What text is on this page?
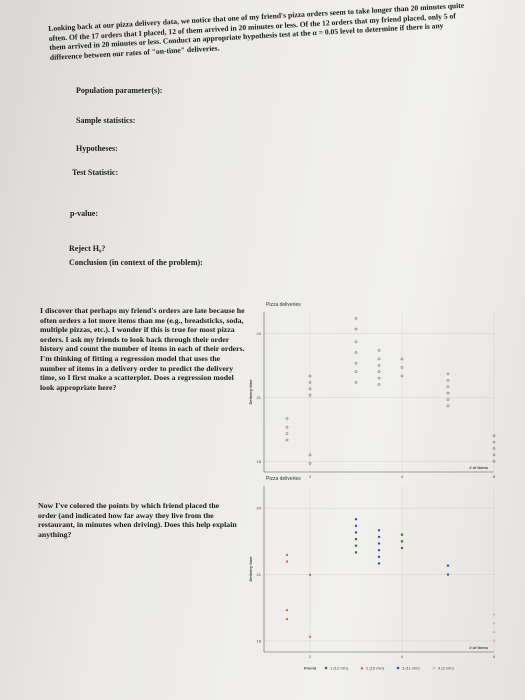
Looking back at our pizza delivery data, we notice that one of my friend's pizza orders seem to take longer than 20 minutes quite often. Of the 17 orders that I placed, 12 of them arrived in 20 minutes or less. Of the 12 orders that my friend placed, only 5 of them arrived in 20 minutes or less. Conduct an appropriate hypothesis test at the α = 0.05 level to determine if there is any difference between our rates of "on-time" deliveries.

Population parameter(s):

Sample statistics:

Hypotheses:

Test Statistic:

p-value:

Reject H₀?

Conclusion (in context of the problem):

I discover that perhaps my friend's orders are late because he often orders a lot more items than me (e.g., breadsticks, soda, multiple pizzas, etc.). I wonder if this is true for most pizza orders. I ask my friends to look back through their order history and count the number of items in each of their orders. I'm thinking of fitting a regression model that uses the number of items in a delivery order to predict the delivery time, so I first make a scatterplot. Does a regression model look appropriate here?

Now I've colored the points by which friend placed the order (and indicated how far away they live from the restaurant, in minutes when driving). Does this help explain anything?

Pizza deliveries
18
21
24
2	4	6
# of Items
Delivery time
Pizza deliveries
18
21
24
2	4	6
# of Items
Delivery time
Friend	1 (12 min)	2 (15 min)	3 (11 min)	4 (2 min)
